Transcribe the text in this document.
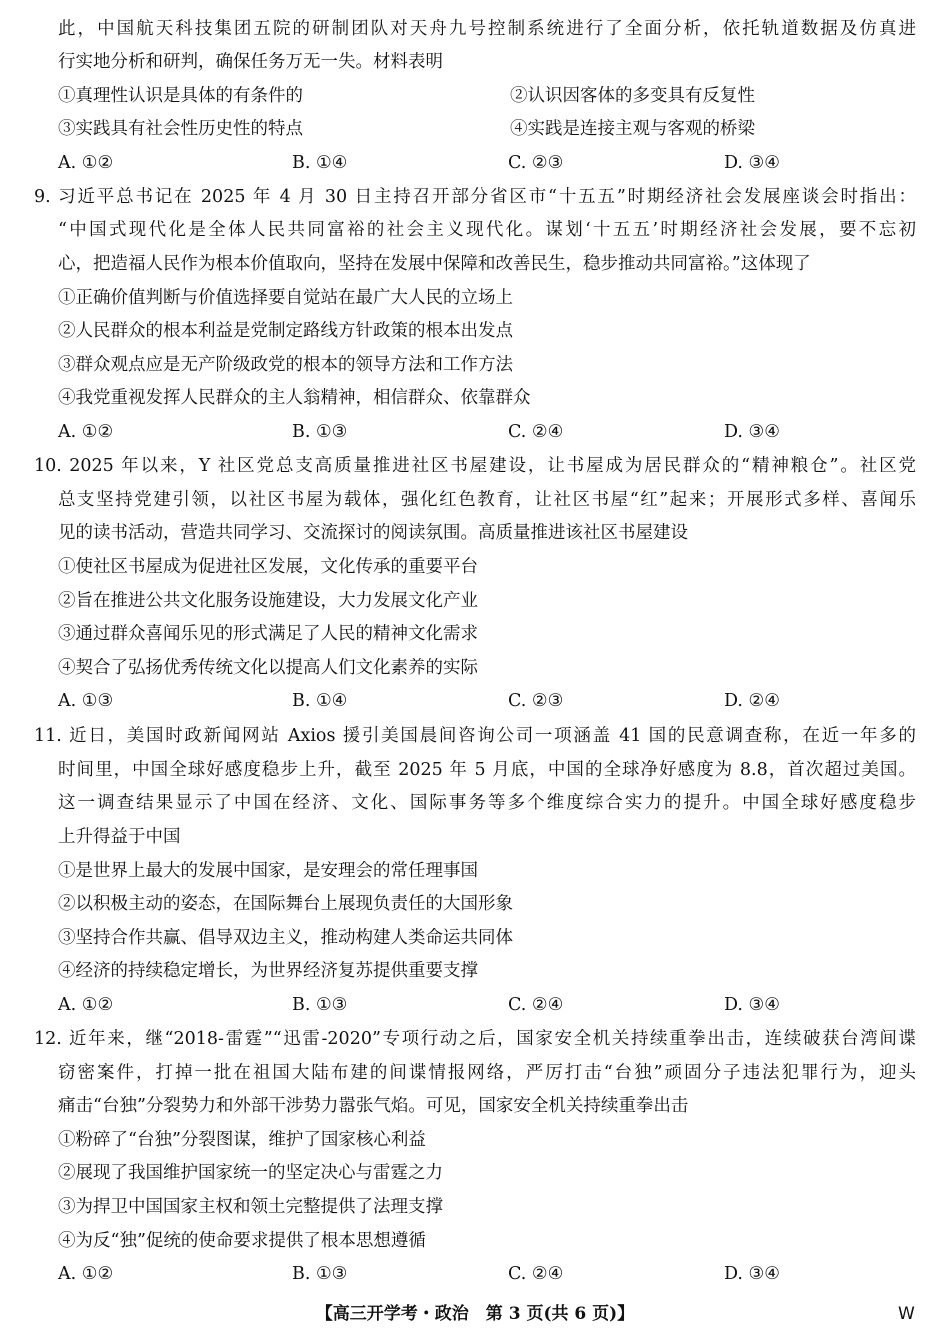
此，中国航天科技集团五院的研制团队对天舟九号控制系统进行了全面分析，依托轨道数据及仿真进
行实地分析和研判，确保任务万无一失。材料表明
①真理性认识是具体的有条件的	②认识因客体的多变具有反复性
③实践具有社会性历史性的特点	④实践是连接主观与客观的桥梁
A. ①②	B. ①④	C. ②③	D. ③④
9. 习近平总书记在 2025 年 4 月 30 日主持召开部分省区市“十五五”时期经济社会发展座谈会时指出：
“中国式现代化是全体人民共同富裕的社会主义现代化。谋划‘十五五’时期经济社会发展，要不忘初
心，把造福人民作为根本价值取向，坚持在发展中保障和改善民生，稳步推动共同富裕。”这体现了
①正确价值判断与价值选择要自觉站在最广大人民的立场上
②人民群众的根本利益是党制定路线方针政策的根本出发点
③群众观点应是无产阶级政党的根本的领导方法和工作方法
④我党重视发挥人民群众的主人翁精神，相信群众、依靠群众
A. ①②	B. ①③	C. ②④	D. ③④
10. 2025 年以来，Y 社区党总支高质量推进社区书屋建设，让书屋成为居民群众的“精神粮仓”。社区党
总支坚持党建引领，以社区书屋为载体，强化红色教育，让社区书屋“红”起来；开展形式多样、喜闻乐
见的读书活动，营造共同学习、交流探讨的阅读氛围。高质量推进该社区书屋建设
①使社区书屋成为促进社区发展，文化传承的重要平台
②旨在推进公共文化服务设施建设，大力发展文化产业
③通过群众喜闻乐见的形式满足了人民的精神文化需求
④契合了弘扬优秀传统文化以提高人们文化素养的实际
A. ①③	B. ①④	C. ②③	D. ②④
11. 近日，美国时政新闻网站 Axios 援引美国晨间咨询公司一项涵盖 41 国的民意调查称，在近一年多的
时间里，中国全球好感度稳步上升，截至 2025 年 5 月底，中国的全球净好感度为 8.8，首次超过美国。
这一调查结果显示了中国在经济、文化、国际事务等多个维度综合实力的提升。中国全球好感度稳步
上升得益于中国
①是世界上最大的发展中国家，是安理会的常任理事国
②以积极主动的姿态，在国际舞台上展现负责任的大国形象
③坚持合作共赢、倡导双边主义，推动构建人类命运共同体
④经济的持续稳定增长，为世界经济复苏提供重要支撑
A. ①②	B. ①③	C. ②④	D. ③④
12. 近年来，继“2018-雷霆”“迅雷-2020”专项行动之后，国家安全机关持续重拳出击，连续破获台湾间谍
窃密案件，打掉一批在祖国大陆布建的间谍情报网络，严厉打击“台独”顽固分子违法犯罪行为，迎头
痛击“台独”分裂势力和外部干涉势力嚣张气焰。可见，国家安全机关持续重拳出击
①粉碎了“台独”分裂图谋，维护了国家核心利益
②展现了我国维护国家统一的坚定决心与雷霆之力
③为捍卫中国国家主权和领土完整提供了法理支撑
④为反“独”促统的使命要求提供了根本思想遵循
A. ①②	B. ①③	C. ②④	D. ③④
【高三开学考・政治　第 3 页(共 6 页)】	W
